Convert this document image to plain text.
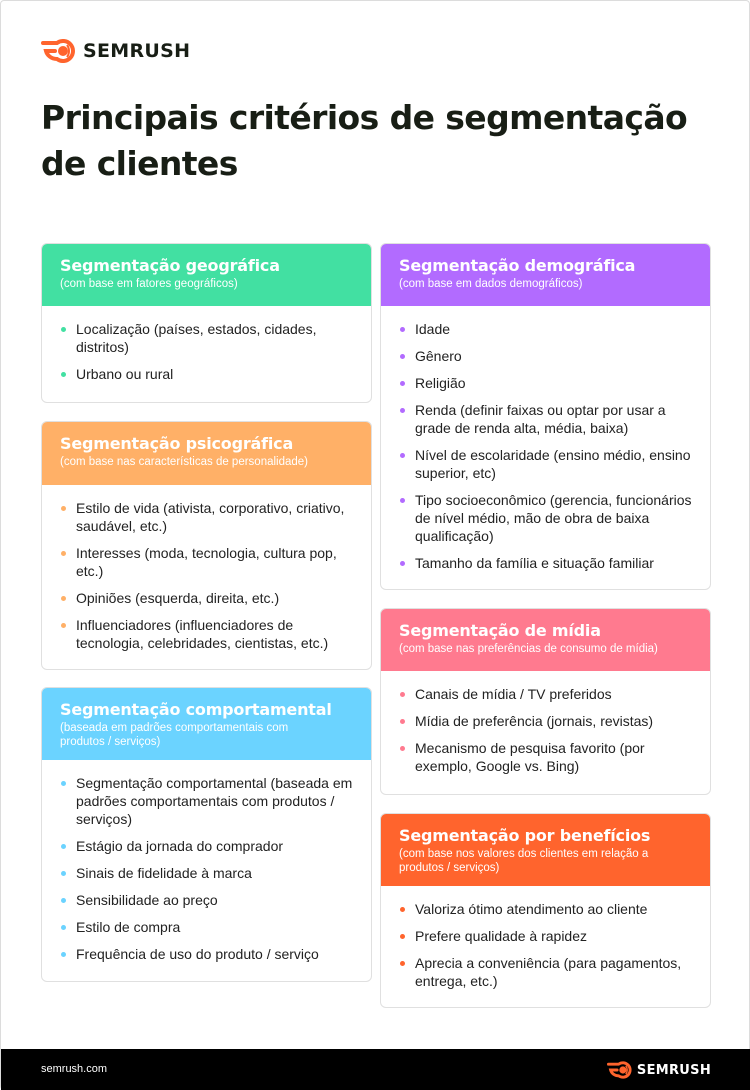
SEMRUSH
Principais critérios de segmentação de clientes
Segmentação geográfica
(com base em fatores geográficos)
Localização (países, estados, cidades, distritos)
Urbano ou rural
Segmentação psicográfica
(com base nas características de personalidade)
Estilo de vida (ativista, corporativo, criativo, saudável, etc.)
Interesses (moda, tecnologia, cultura pop, etc.)
Opiniões (esquerda, direita, etc.)
Influenciadores (influenciadores de tecnologia, celebridades, cientistas, etc.)
Segmentação comportamental
(baseada em padrões comportamentais com produtos / serviços)
Segmentação comportamental (baseada em padrões comportamentais com produtos / serviços)
Estágio da jornada do comprador
Sinais de fidelidade à marca
Sensibilidade ao preço
Estilo de compra
Frequência de uso do produto / serviço
Segmentação demográfica
(com base em dados demográficos)
Idade
Gênero
Religião
Renda (definir faixas ou optar por usar a grade de renda alta, média, baixa)
Nível de escolaridade (ensino médio, ensino superior, etc)
Tipo socioeconômico (gerencia, funcionários de nível médio, mão de obra de baixa qualificação)
Tamanho da família e situação familiar
Segmentação de mídia
(com base nas preferências de consumo de mídia)
Canais de mídia / TV preferidos
Mídia de preferência (jornais, revistas)
Mecanismo de pesquisa favorito (por exemplo, Google vs. Bing)
Segmentação por benefícios
(com base nos valores dos clientes em relação a produtos / serviços)
Valoriza ótimo atendimento ao cliente
Prefere qualidade à rapidez
Aprecia a conveniência (para pagamentos, entrega, etc.)
semrush.com	SEMRUSH
